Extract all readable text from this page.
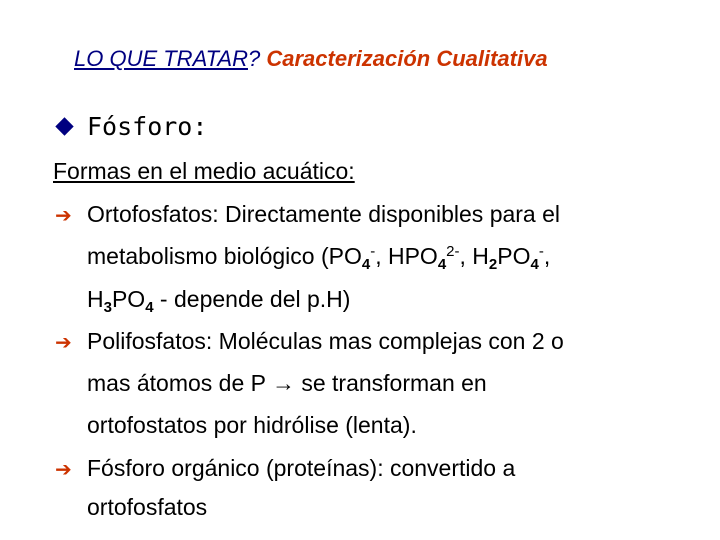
LO QUE TRATAR? Caracterización Cualitativa
Fósforo:
Formas en el medio acuático:
➔ Ortofosfatos: Directamente disponibles para el
metabolismo biológico ($PO_4^-$, $HPO_4^{2-}$, $H_2PO_4^-$,
$H_3PO_4$ - depende del p.H)
➔ Polifosfatos: Moléculas mas complejas con 2 o
mas átomos de P → se transforman en
ortofostatos por hidrólise (lenta).
➔ Fósforo orgánico (proteínas): convertido a
ortofosfatos
